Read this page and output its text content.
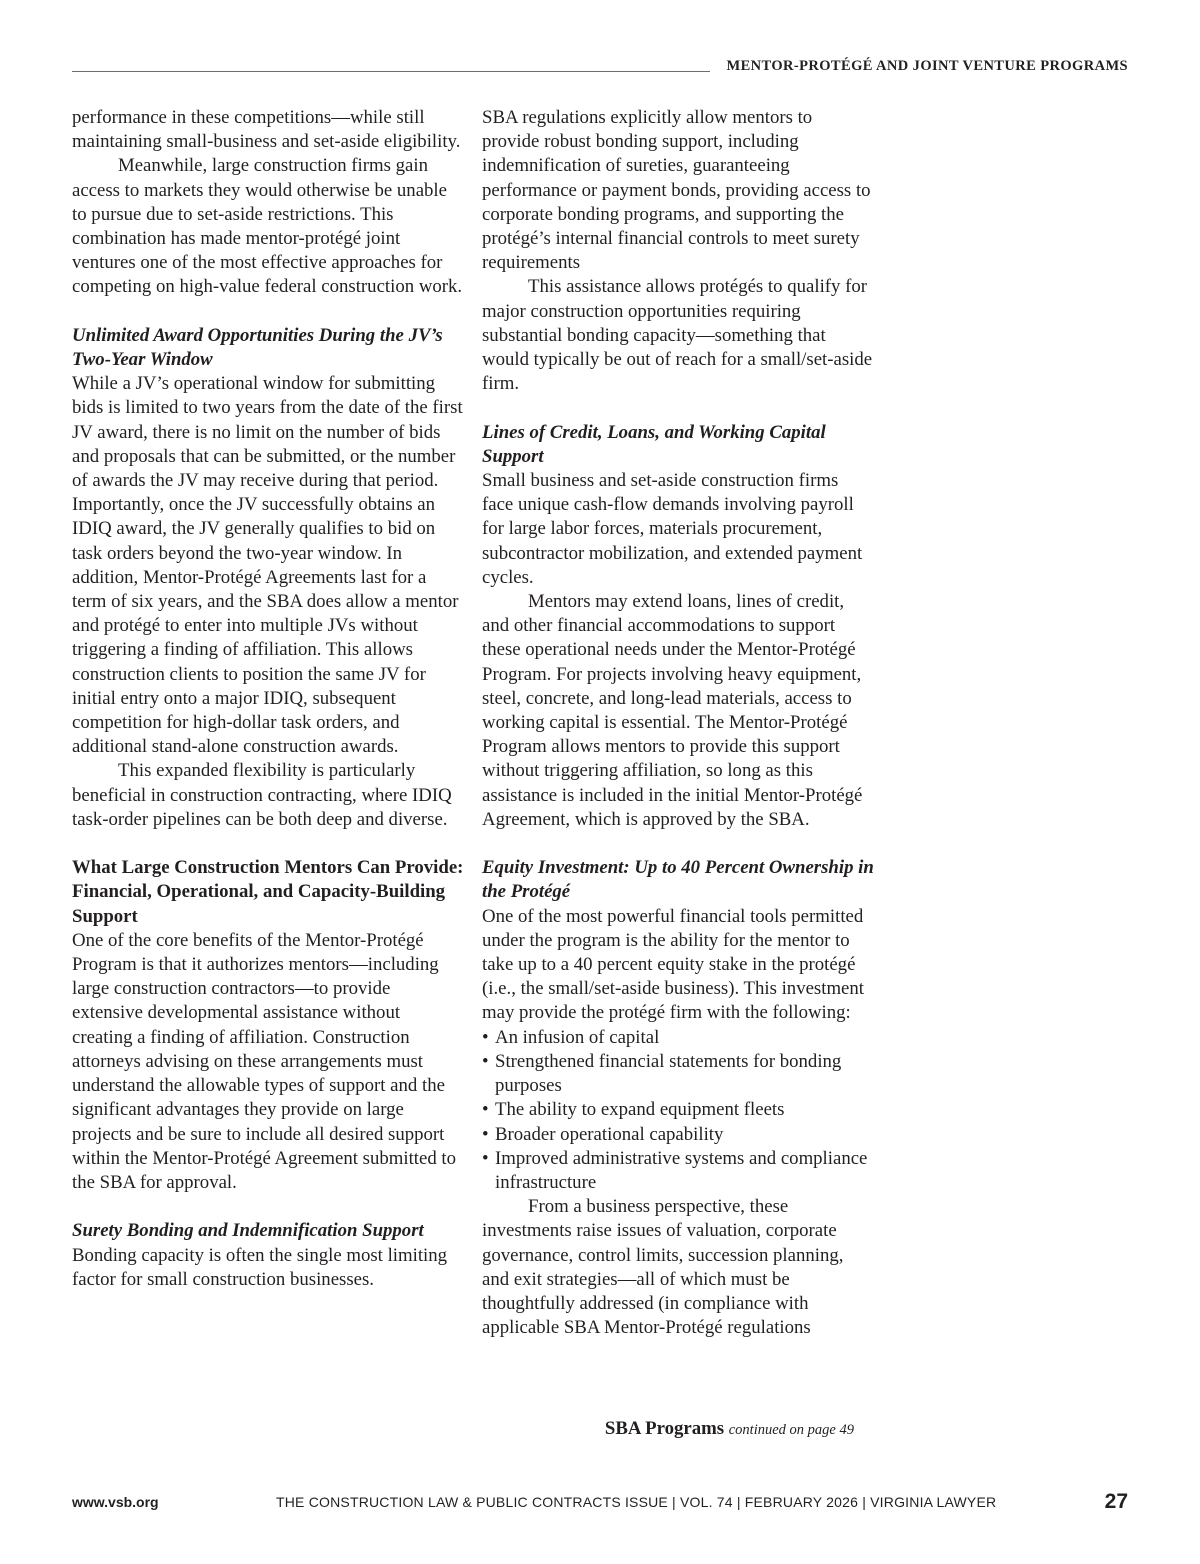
MENTOR-PROTÉGÉ AND JOINT VENTURE PROGRAMS

performance in these competitions—while still maintaining small-business and set-aside eligibility.

Meanwhile, large construction firms gain access to markets they would otherwise be unable to pursue due to set-aside restrictions. This combination has made mentor-protégé joint ventures one of the most effective approaches for competing on high-value federal construction work.

Unlimited Award Opportunities During the JV’s Two-Year Window

While a JV’s operational window for submitting bids is limited to two years from the date of the first JV award, there is no limit on the number of bids and proposals that can be submitted, or the number of awards the JV may receive during that period. Importantly, once the JV successfully obtains an IDIQ award, the JV generally qualifies to bid on task orders beyond the two-year window. In addition, Mentor-Protégé Agreements last for a term of six years, and the SBA does allow a mentor and protégé to enter into multiple JVs without triggering a finding of affiliation. This allows construction clients to position the same JV for initial entry onto a major IDIQ, subsequent competition for high-dollar task orders, and additional stand-alone construction awards.

This expanded flexibility is particularly beneficial in construction contracting, where IDIQ task-order pipelines can be both deep and diverse.

What Large Construction Mentors Can Provide: Financial, Operational, and Capacity-Building Support

One of the core benefits of the Mentor-Protégé Program is that it authorizes mentors—including large construction contractors—to provide extensive developmental assistance without creating a finding of affiliation. Construction attorneys advising on these arrangements must understand the allowable types of support and the significant advantages they provide on large projects and be sure to include all desired support within the Mentor-Protégé Agreement submitted to the SBA for approval.

Surety Bonding and Indemnification Support

Bonding capacity is often the single most limiting factor for small construction businesses.

SBA regulations explicitly allow mentors to provide robust bonding support, including indemnification of sureties, guaranteeing performance or payment bonds, providing access to corporate bonding programs, and supporting the protégé’s internal financial controls to meet surety requirements

This assistance allows protégés to qualify for major construction opportunities requiring substantial bonding capacity—something that would typically be out of reach for a small/set-aside firm.

Lines of Credit, Loans, and Working Capital Support

Small business and set-aside construction firms face unique cash-flow demands involving payroll for large labor forces, materials procurement, subcontractor mobilization, and extended payment cycles.

Mentors may extend loans, lines of credit, and other financial accommodations to support these operational needs under the Mentor-Protégé Program. For projects involving heavy equipment, steel, concrete, and long-lead materials, access to working capital is essential. The Mentor-Protégé Program allows mentors to provide this support without triggering affiliation, so long as this assistance is included in the initial Mentor-Protégé Agreement, which is approved by the SBA.

Equity Investment: Up to 40 Percent Ownership in the Protégé

One of the most powerful financial tools permitted under the program is the ability for the mentor to take up to a 40 percent equity stake in the protégé (i.e., the small/set-aside business). This investment may provide the protégé firm with the following:

• An infusion of capital
• Strengthened financial statements for bonding purposes
• The ability to expand equipment fleets
• Broader operational capability
• Improved administrative systems and compliance infrastructure

From a business perspective, these investments raise issues of valuation, corporate governance, control limits, succession planning, and exit strategies—all of which must be thoughtfully addressed (in compliance with applicable SBA Mentor-Protégé regulations

SBA Programs continued on page 49
www.vsb.org	THE CONSTRUCTION LAW & PUBLIC CONTRACTS ISSUE | VOL. 74 | FEBRUARY 2026 | VIRGINIA LAWYER	27
